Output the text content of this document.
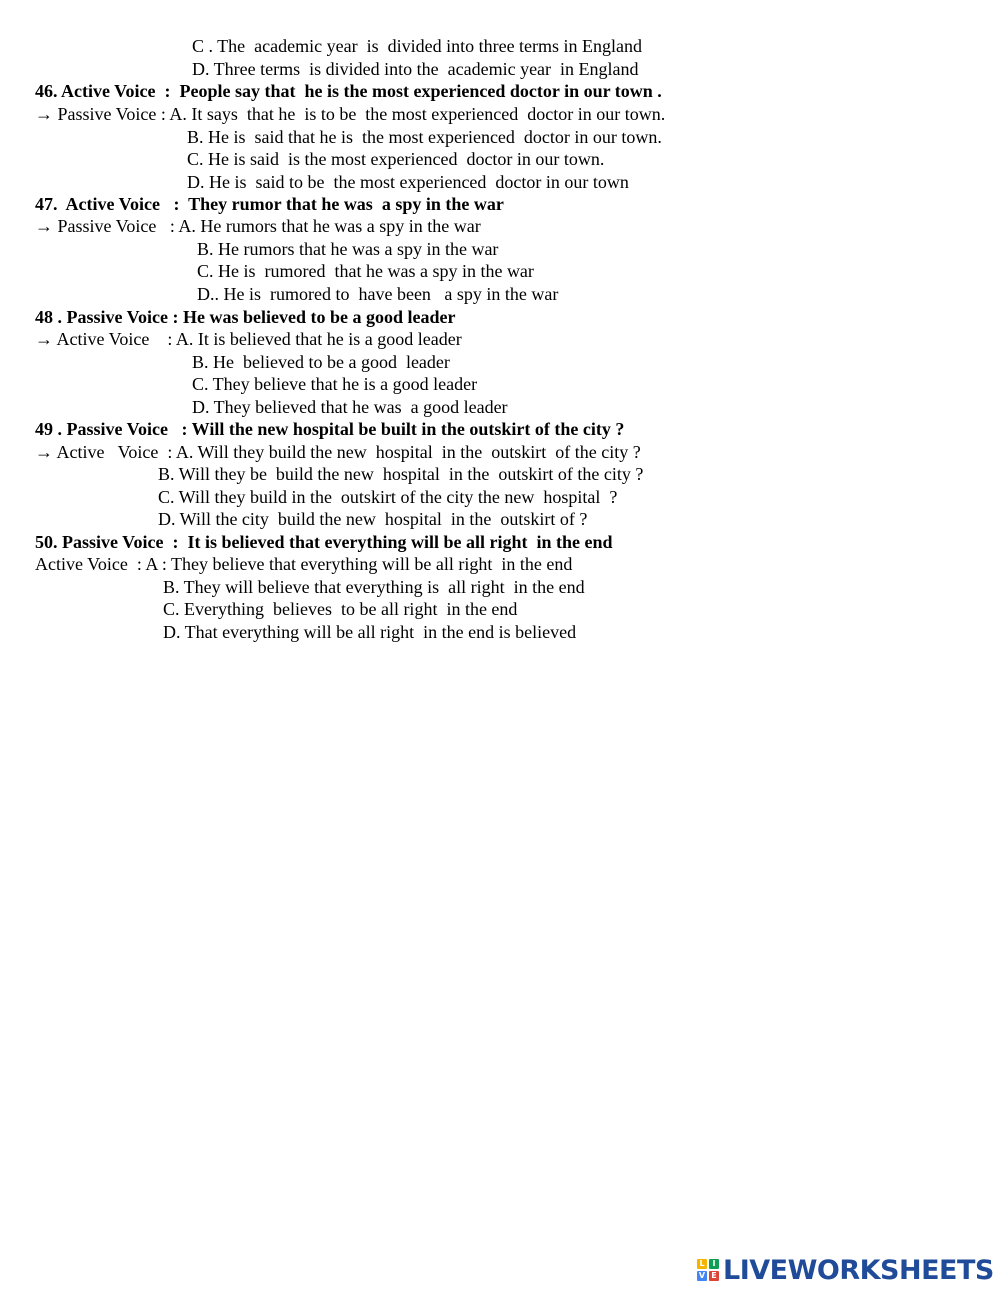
C . The  academic year  is  divided into three terms in England

D. Three terms  is divided into the  academic year  in England

46. Active Voice  :  People say that  he is the most experienced doctor in our town .

→ Passive Voice : A. It says  that he  is to be  the most experienced  doctor in our town.

B. He is  said that he is  the most experienced  doctor in our town.

C. He is said  is the most experienced  doctor in our town.

D. He is  said to be  the most experienced  doctor in our town

47.  Active Voice   :  They rumor that he was  a spy in the war

→ Passive Voice   : A. He rumors that he was a spy in the war

B. He rumors that he was a spy in the war

C. He is  rumored  that he was a spy in the war

D.. He is  rumored to  have been   a spy in the war

48 . Passive Voice : He was believed to be a good leader

→ Active Voice    : A. It is believed that he is a good leader

B. He  believed to be a good  leader

C. They believe that he is a good leader

D. They believed that he was  a good leader

49 . Passive Voice   : Will the new hospital be built in the outskirt of the city ?

→ Active   Voice  : A. Will they build the new  hospital  in the  outskirt  of the city ?

B. Will they be  build the new  hospital  in the  outskirt of the city ?

C. Will they build in the  outskirt of the city the new  hospital  ?

D. Will the city  build the new  hospital  in the  outskirt of ?

50. Passive Voice  :  It is believed that everything will be all right  in the end

Active Voice  : A : They believe that everything will be all right  in the end

B. They will believe that everything is  all right  in the end

C. Everything  believes  to be all right  in the end

D. That everything will be all right  in the end is believed

L I
V E LIVEWORKSHEETS
